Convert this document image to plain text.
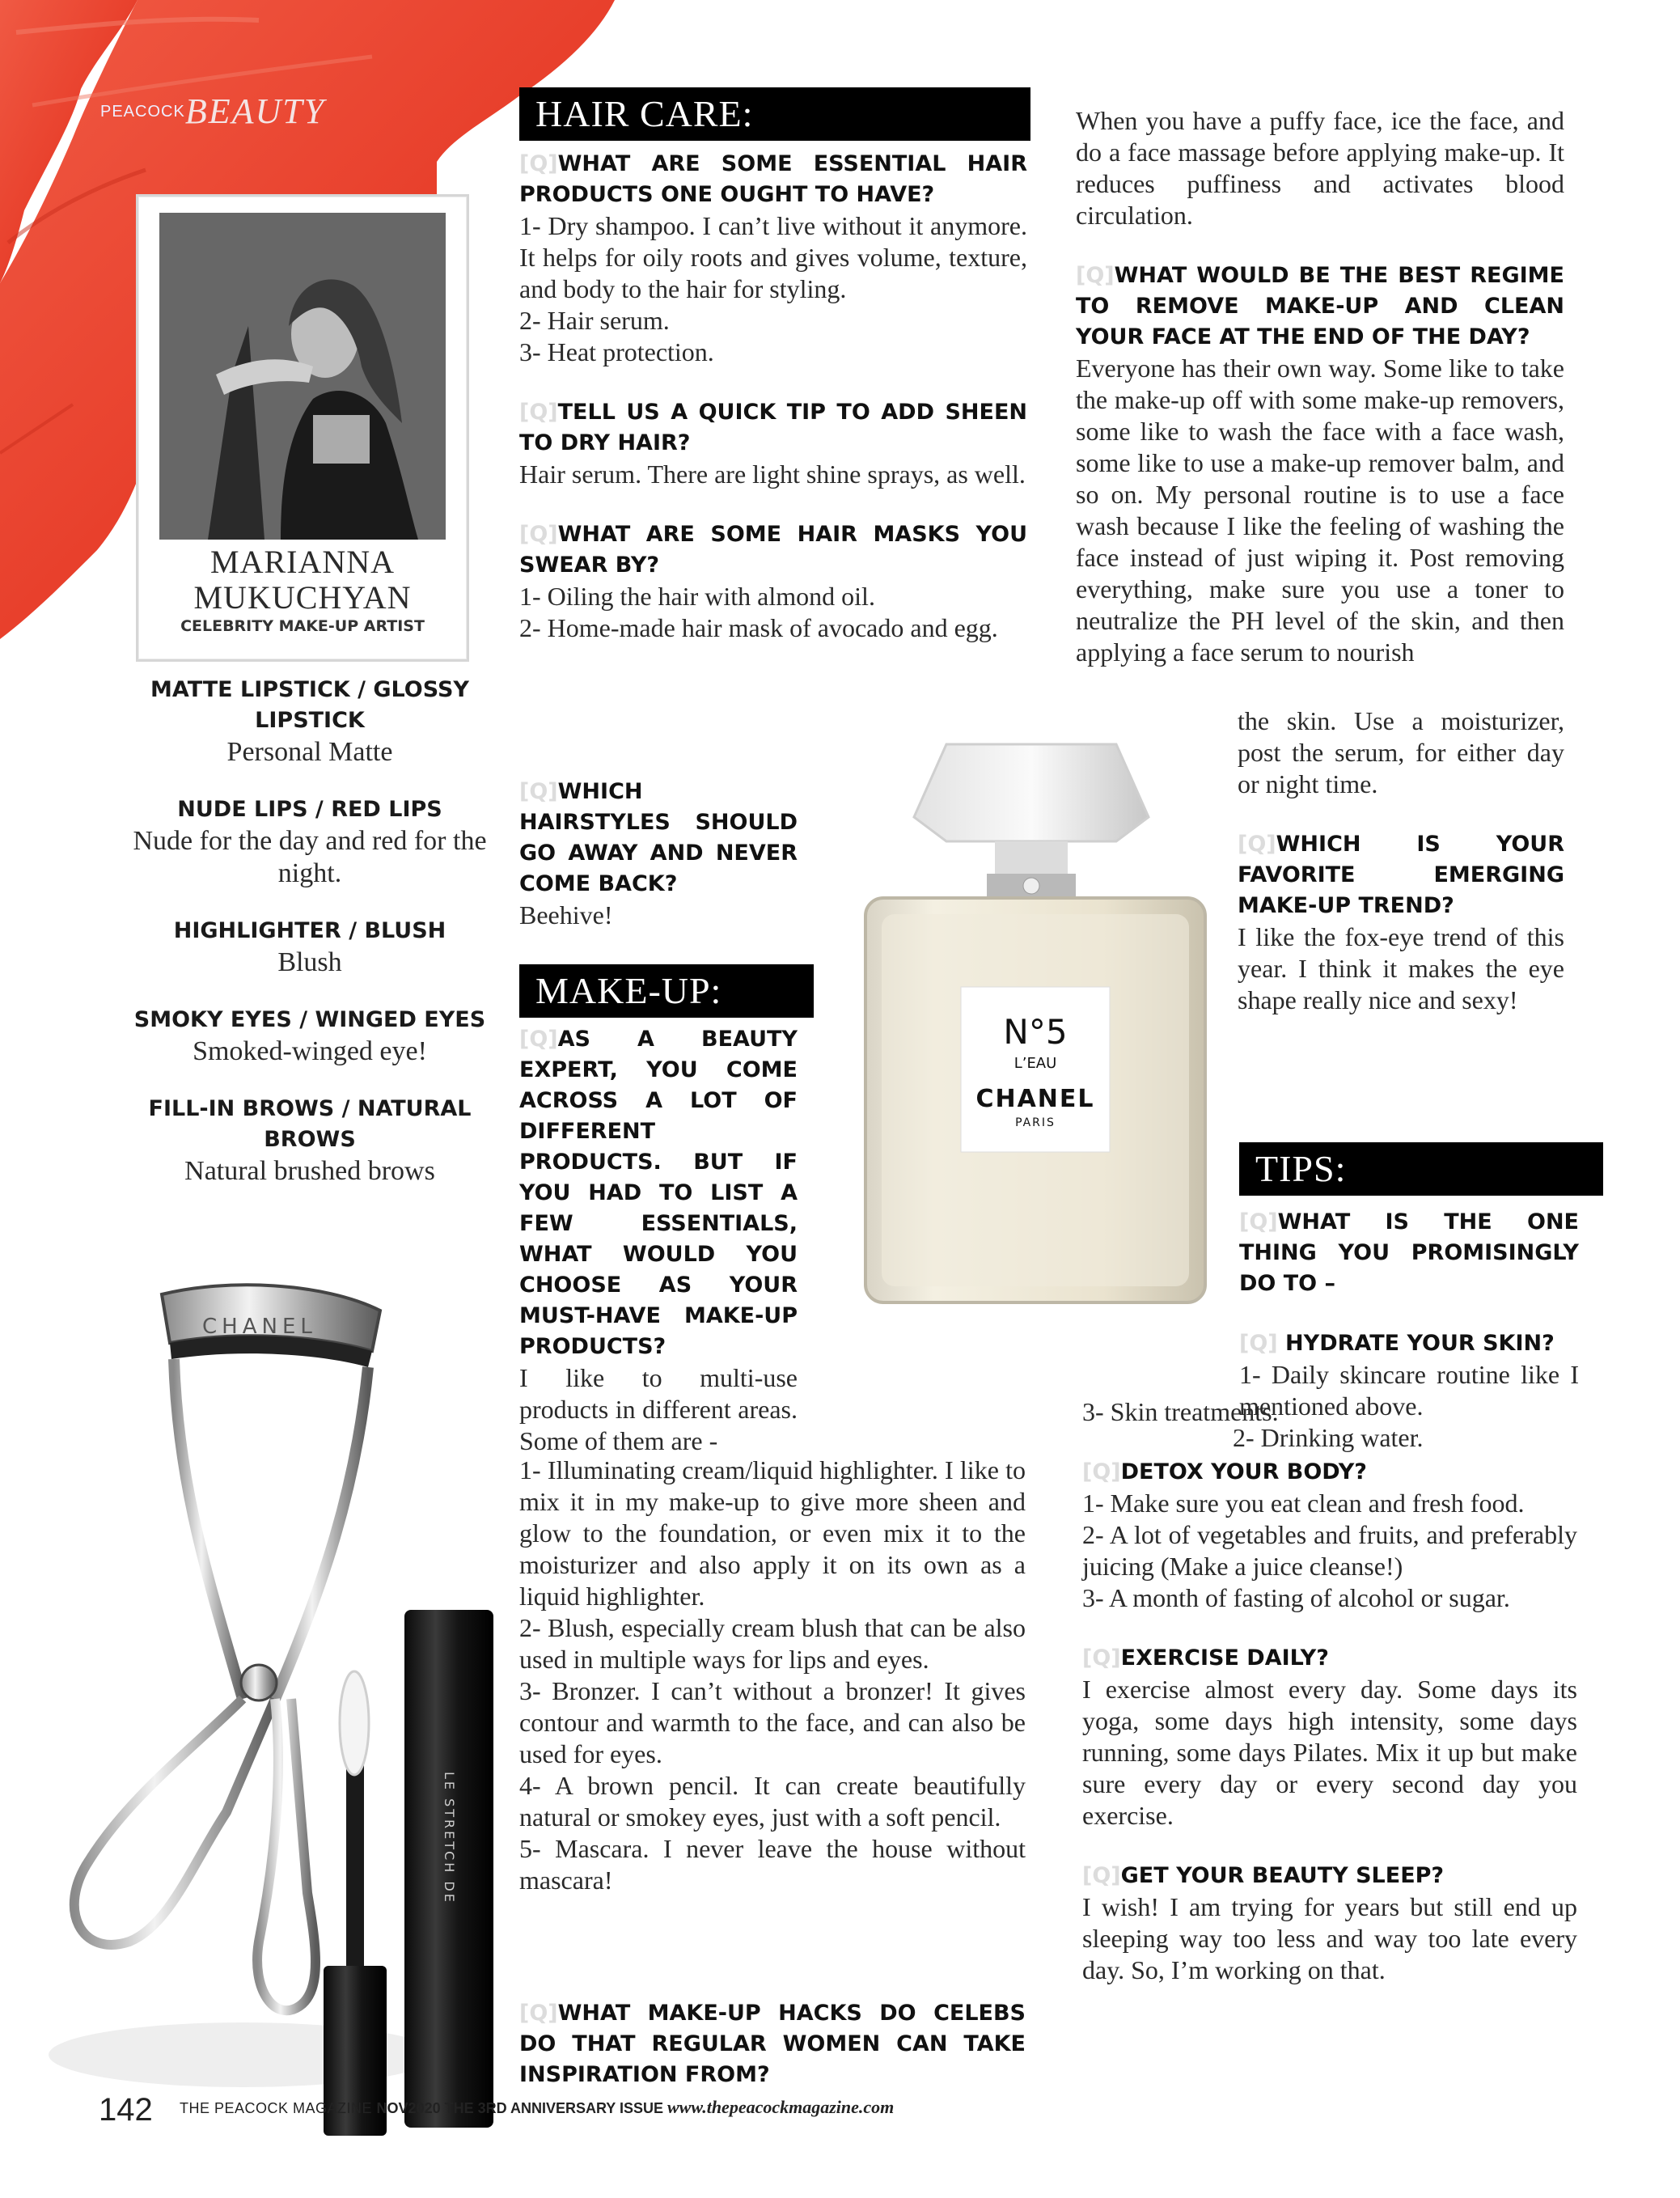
PEACOCKBEAUTY
MARIANNA
MUKUCHYAN
CELEBRITY MAKE-UP ARTIST
MATTE LIPSTICK / GLOSSY LIPSTICK
Personal Matte
NUDE LIPS / RED LIPS
Nude for the day and red for the night.
HIGHLIGHTER / BLUSH
Blush
SMOKY EYES / WINGED EYES
Smoked-winged eye!
FILL-IN BROWS / NATURAL BROWS
Natural brushed brows
CHANEL
LE STRETCH DE
HAIR CARE:
[Q]WHAT ARE SOME ESSENTIAL HAIR PRODUCTS ONE OUGHT TO HAVE?
1- Dry shampoo. I can’t live without it anymore. It helps for oily roots and gives volume, texture, and body to the hair for styling.
2- Hair serum.
3- Heat protection.
[Q]TELL US A QUICK TIP TO ADD SHEEN TO DRY HAIR?
Hair serum. There are light shine sprays, as well.
[Q]WHAT ARE SOME HAIR MASKS YOU SWEAR BY?
1- Oiling the hair with almond oil.
2- Home-made hair mask of avocado and egg.
[Q]WHICH HAIRSTYLES SHOULD GO AWAY AND NEVER COME BACK?
Beehive!
MAKE-UP:
[Q]AS A BEAUTY EXPERT, YOU COME ACROSS A LOT OF DIFFERENT PRODUCTS. BUT IF YOU HAD TO LIST A FEW ESSENTIALS, WHAT WOULD YOU CHOOSE AS YOUR MUST-HAVE MAKE-UP PRODUCTS?
I like to multi-use products in different areas. Some of them are -
1- Illuminating cream/liquid highlighter. I like to mix it in my make-up to give more sheen and glow to the foundation, or even mix it to the moisturizer and also apply it on its own as a liquid highlighter.
2- Blush, especially cream blush that can be also used in multiple ways for lips and eyes.
3- Bronzer. I can’t without a bronzer! It gives contour and warmth to the face, and can also be used for eyes.
4- A brown pencil. It can create beautifully natural or smokey eyes, just with a soft pencil.
5- Mascara. I never leave the house without mascara!
[Q]WHAT MAKE-UP HACKS DO CELEBS DO THAT REGULAR WOMEN CAN TAKE INSPIRATION FROM?
N°5
L’EAU
CHANEL
PARIS
When you have a puffy face, ice the face, and do a face massage before applying make-up. It reduces puffiness and activates blood circulation.
[Q]WHAT WOULD BE THE BEST REGIME TO REMOVE MAKE-UP AND CLEAN YOUR FACE AT THE END OF THE DAY?
Everyone has their own way. Some like to take the make-up off with some make-up removers, some like to wash the face with a face wash, some like to use a make-up remover balm, and so on. My personal routine is to use a face wash because I like the feeling of washing the face instead of just wiping it. Post removing everything, make sure you use a toner to neutralize the PH level of the skin, and then applying a face serum to nourish
the skin. Use a moisturizer, post the serum, for either day or night time.
[Q]WHICH IS YOUR FAVORITE EMERGING MAKE-UP TREND?
I like the fox-eye trend of this year. I think it makes the eye shape really nice and sexy!
TIPS:
[Q]WHAT IS THE ONE THING YOU PROMISINGLY DO TO –
[Q] HYDRATE YOUR SKIN?
1- Daily skincare routine like I mentioned above.
2- Drinking water.
3- Skin treatments.
[Q]DETOX YOUR BODY?
1- Make sure you eat clean and fresh food.
2- A lot of vegetables and fruits, and preferably juicing (Make a juice cleanse!)
3- A month of fasting of alcohol or sugar.
[Q]EXERCISE DAILY?
I exercise almost every day. Some days its yoga, some days high intensity, some days running, some days Pilates. Mix it up but make sure every day or every second day you exercise.
[Q]GET YOUR BEAUTY SLEEP?
I wish! I am trying for years but still end up sleeping way too less and way too late every day. So, I’m working on that.
142 THE PEACOCK MAGAZINE NOV2020 THE 3RD ANNIVERSARY ISSUE www.thepeacockmagazine.com
